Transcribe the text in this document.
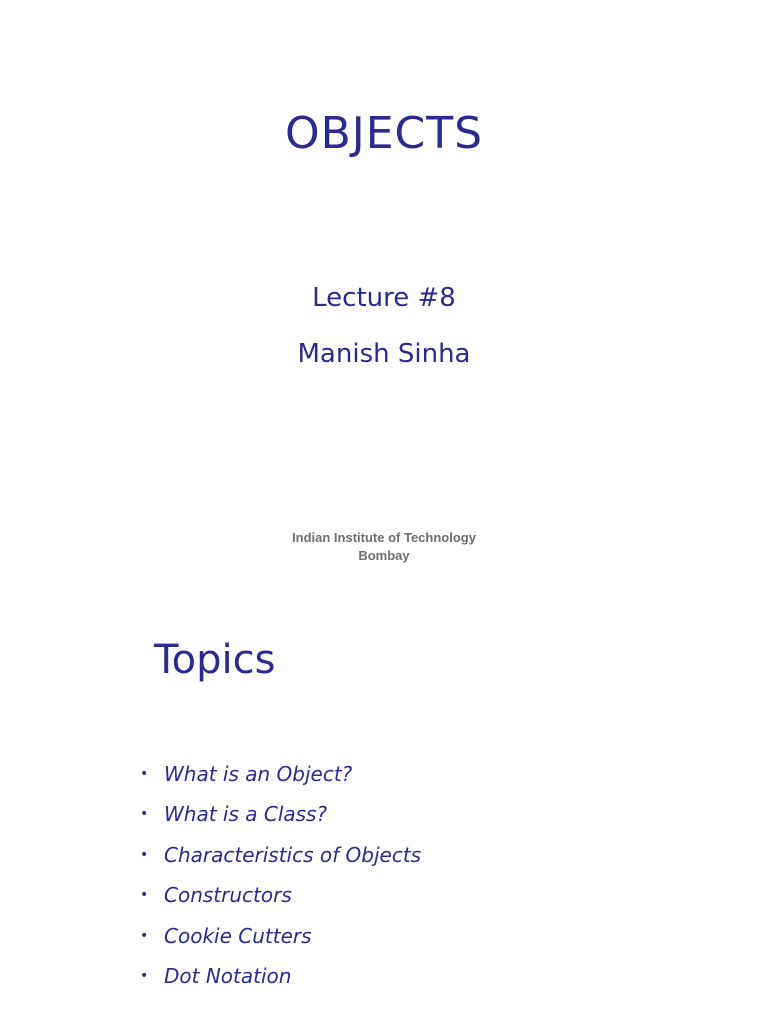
OBJECTS
Lecture #8
Manish Sinha
Indian Institute of Technology
Bombay
Topics
• What is an Object?
• What is a Class?
• Characteristics of Objects
• Constructors
• Cookie Cutters
• Dot Notation
